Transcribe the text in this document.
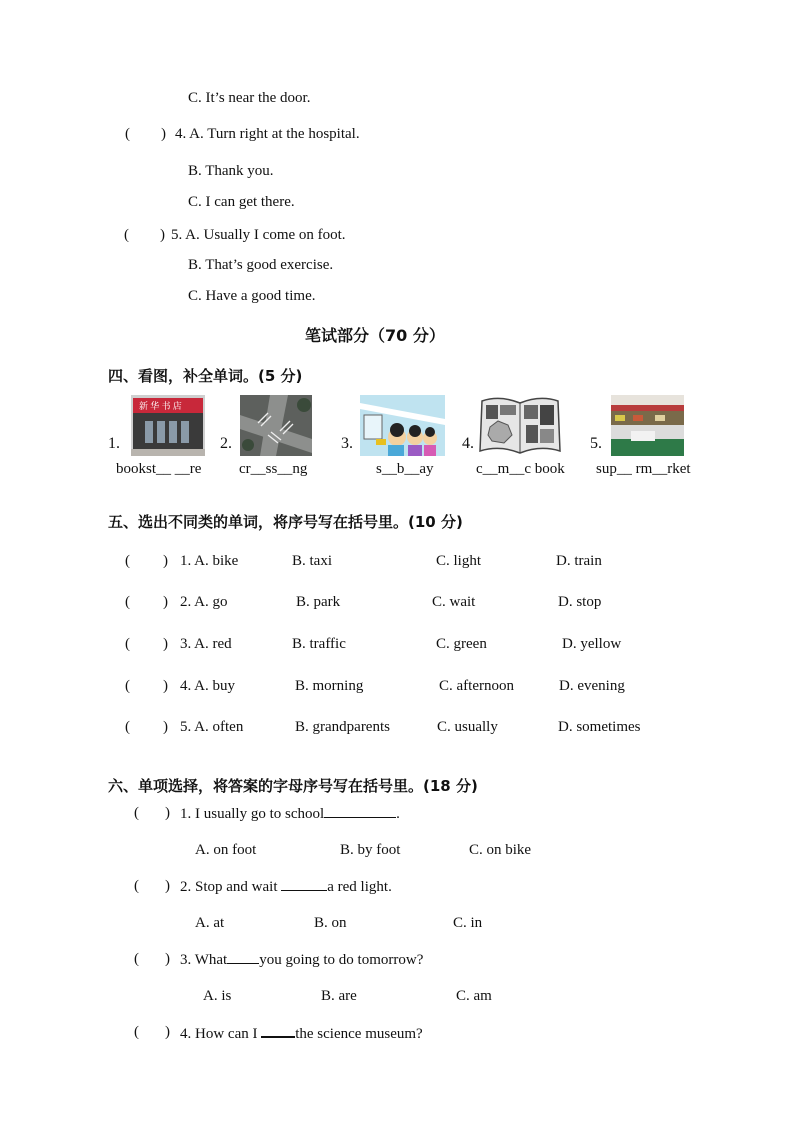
C. It’s near the door.
( ) 4. A. Turn right at the hospital.
B. Thank you.
C. I can get there.
( ) 5. A. Usually I come on foot.
B. That’s good exercise.
C. Have a good time.
笔试部分（70 分）
四、看图，补全单词。(5 分)
1.
新 华 书 店
bookst__ __re
2.
cr__ss__ng
3.
s__b__ay
4.
c__m__c book
5.
sup__ rm__rket
五、选出不同类的单词，将序号写在括号里。(10 分)
( ) 1. A. bike	B. taxi	C. light	D. train
( ) 2. A. go	B. park	C. wait	D. stop
( ) 3. A. red	B. traffic	C. green	D. yellow
( ) 4. A. buy	B. morning	C. afternoon	D. evening
( ) 5. A. often	B. grandparents	C. usually	D. sometimes
六、单项选择，将答案的字母序号写在括号里。(18 分)
( ) 1. I usually go to school	.
A. on foot	B. by foot	C. on bike
( ) 2. Stop and wait	a red light.
A. at	B. on	C. in
( ) 3. What you going to do tomorrow?
A. is	B. are	C. am
( ) 4. How can I the science museum?
